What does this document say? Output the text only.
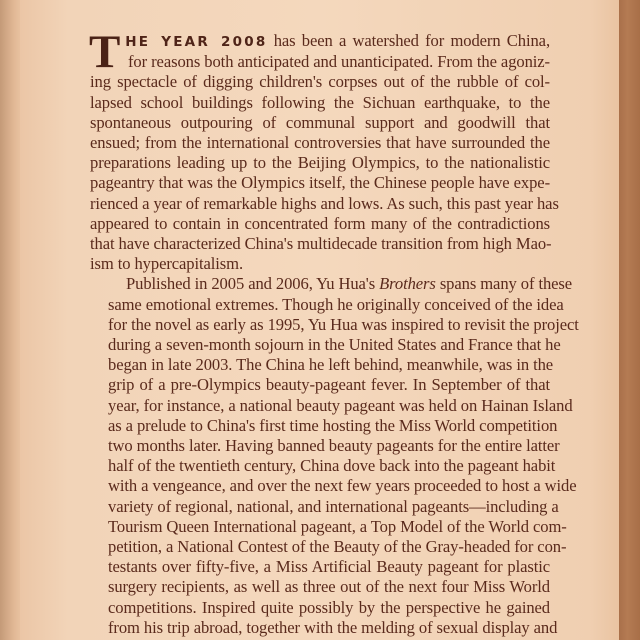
T HE YEAR 2008 has been a watershed for modern China,
for reasons both anticipated and unanticipated. From the agoniz-
ing spectacle of digging children's corpses out of the rubble of col-
lapsed school buildings following the Sichuan earthquake, to the
spontaneous outpouring of communal support and goodwill that
ensued; from the international controversies that have surrounded the
preparations leading up to the Beijing Olympics, to the nationalistic
pageantry that was the Olympics itself, the Chinese people have expe-
rienced a year of remarkable highs and lows. As such, this past year has
appeared to contain in concentrated form many of the contradictions
that have characterized China's multidecade transition from high Mao-
ism to hypercapitalism.
Published in 2005 and 2006, Yu Hua's Brothers spans many of these
same emotional extremes. Though he originally conceived of the idea
for the novel as early as 1995, Yu Hua was inspired to revisit the project
during a seven-month sojourn in the United States and France that he
began in late 2003. The China he left behind, meanwhile, was in the
grip of a pre-Olympics beauty-pageant fever. In September of that
year, for instance, a national beauty pageant was held on Hainan Island
as a prelude to China's first time hosting the Miss World competition
two months later. Having banned beauty pageants for the entire latter
half of the twentieth century, China dove back into the pageant habit
with a vengeance, and over the next few years proceeded to host a wide
variety of regional, national, and international pageants—including a
Tourism Queen International pageant, a Top Model of the World com-
petition, a National Contest of the Beauty of the Gray-headed for con-
testants over fifty-five, a Miss Artificial Beauty pageant for plastic
surgery recipients, as well as three out of the next four Miss World
competitions. Inspired quite possibly by the perspective he gained
from his trip abroad, together with the melding of sexual display and
